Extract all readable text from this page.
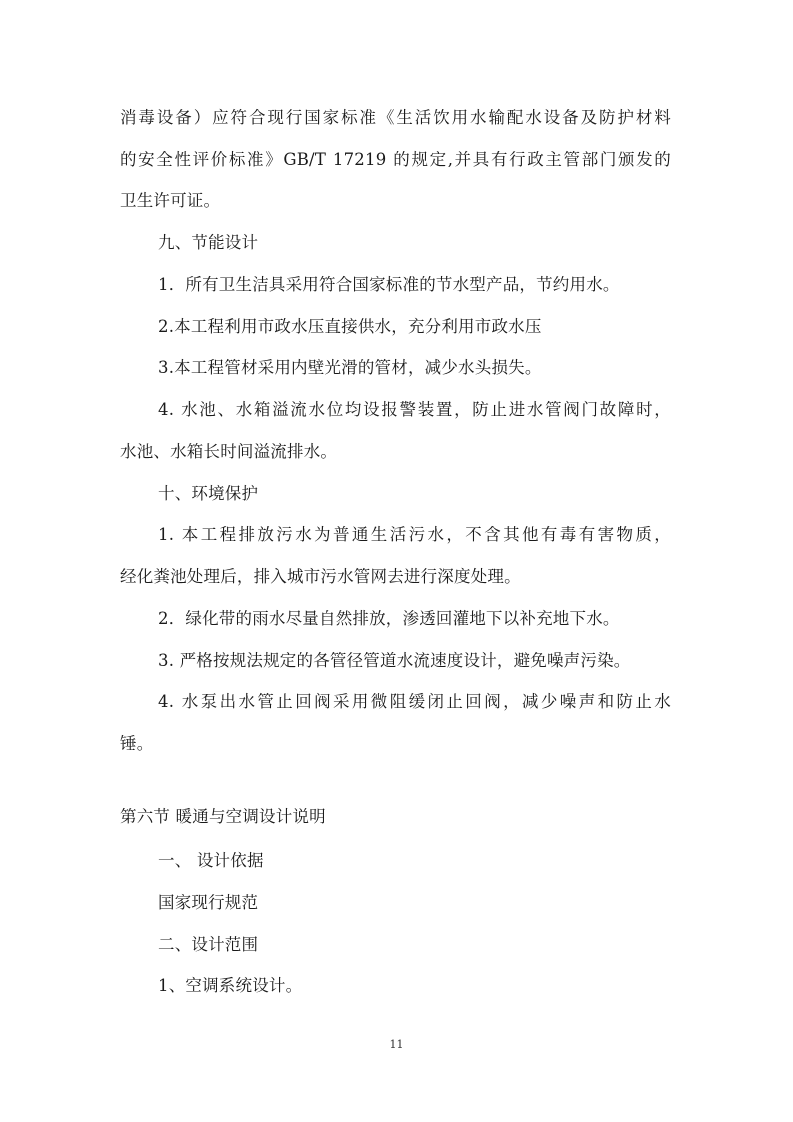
消毒设备）应符合现行国家标准《生活饮用水输配水设备及防护材料
的安全性评价标准》GB/T 17219 的规定,并具有行政主管部门颁发的
卫生许可证。
九、节能设计
1．所有卫生洁具采用符合国家标准的节水型产品，节约用水。
2.本工程利用市政水压直接供水，充分利用市政水压
3.本工程管材采用内壁光滑的管材，减少水头损失。
4. 水池、水箱溢流水位均设报警装置，防止进水管阀门故障时，
水池、水箱长时间溢流排水。
十、环境保护
1. 本工程排放污水为普通生活污水，不含其他有毒有害物质，
经化粪池处理后，排入城市污水管网去进行深度处理。
2．绿化带的雨水尽量自然排放，渗透回灌地下以补充地下水。
3. 严格按规法规定的各管径管道水流速度设计，避免噪声污染。
4. 水泵出水管止回阀采用微阻缓闭止回阀，减少噪声和防止水
锤。
第六节 暖通与空调设计说明
一、 设计依据
国家现行规范
二、设计范围
1、空调系统设计。
11
